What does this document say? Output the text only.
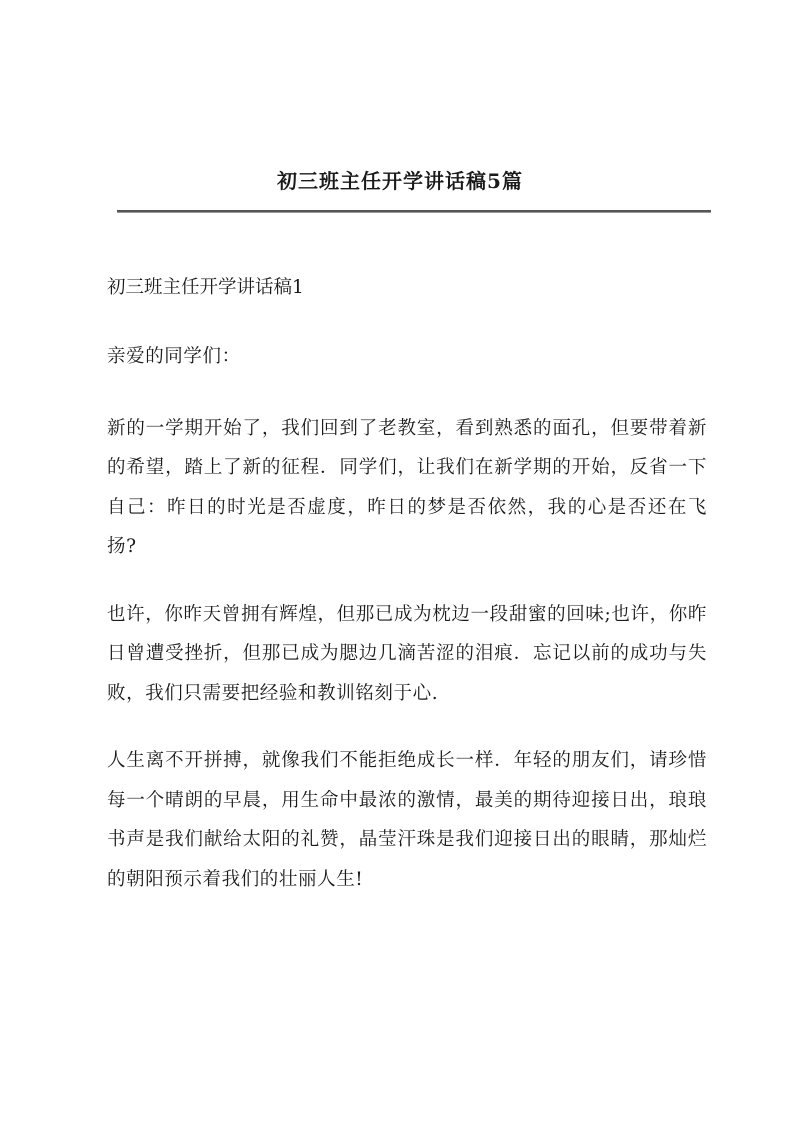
初三班主任开学讲话稿5篇
初三班主任开学讲话稿1

亲爱的同学们：

新的一学期开始了，我们回到了老教室，看到熟悉的面孔，但要带着新的希望，踏上了新的征程．同学们，让我们在新学期的开始，反省一下自己：昨日的时光是否虚度，昨日的梦是否依然，我的心是否还在飞扬?

也许，你昨天曾拥有辉煌，但那已成为枕边一段甜蜜的回味;也许，你昨日曾遭受挫折，但那已成为腮边几滴苦涩的泪痕．忘记以前的成功与失败，我们只需要把经验和教训铭刻于心.

人生离不开拼搏，就像我们不能拒绝成长一样．年轻的朋友们，请珍惜每一个晴朗的早晨，用生命中最浓的激情，最美的期待迎接日出，琅琅书声是我们献给太阳的礼赞，晶莹汗珠是我们迎接日出的眼睛，那灿烂的朝阳预示着我们的壮丽人生!
